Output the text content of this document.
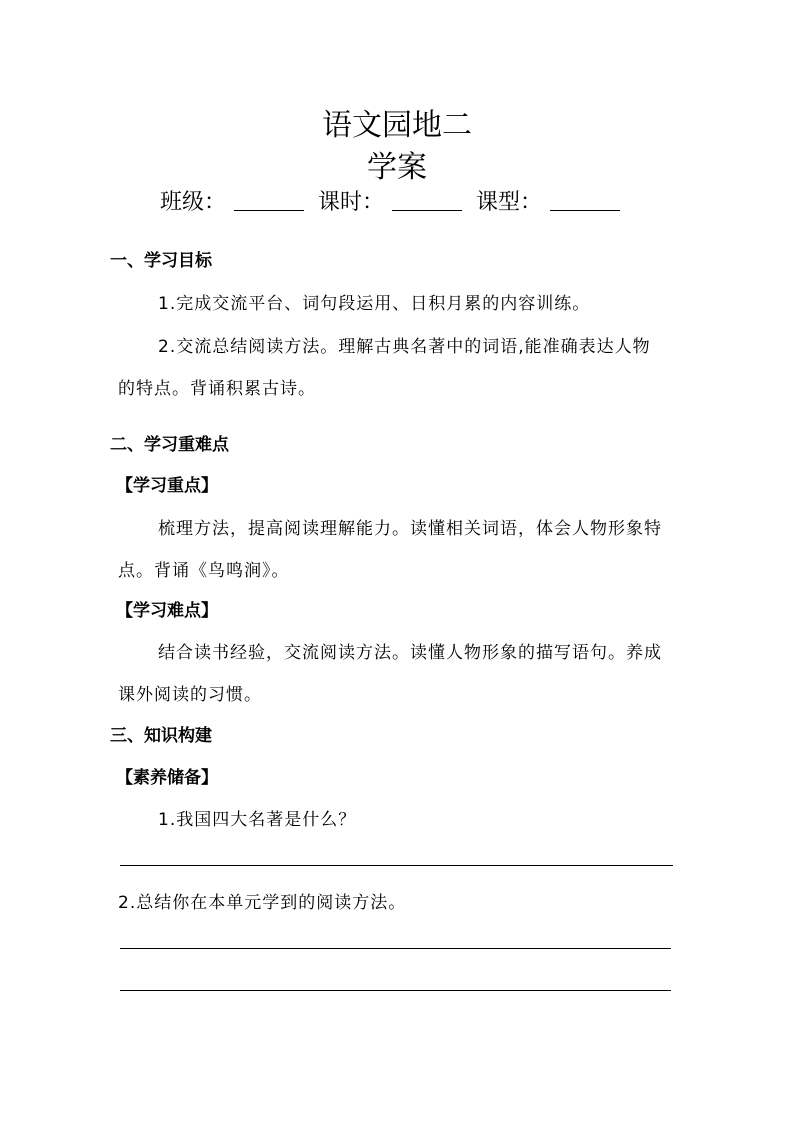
语文园地二
学案
班级：	课时：	课型：
一、学习目标
1.完成交流平台、词句段运用、日积月累的内容训练。
2.交流总结阅读方法。理解古典名著中的词语,能准确表达人物
的特点。背诵积累古诗。
二、学习重难点
【学习重点】
梳理方法，提高阅读理解能力。读懂相关词语，体会人物形象特
点。背诵《鸟鸣涧》。
【学习难点】
结合读书经验，交流阅读方法。读懂人物形象的描写语句。养成
课外阅读的习惯。
三、知识构建
【素养储备】
1.我国四大名著是什么？
2.总结你在本单元学到的阅读方法。
